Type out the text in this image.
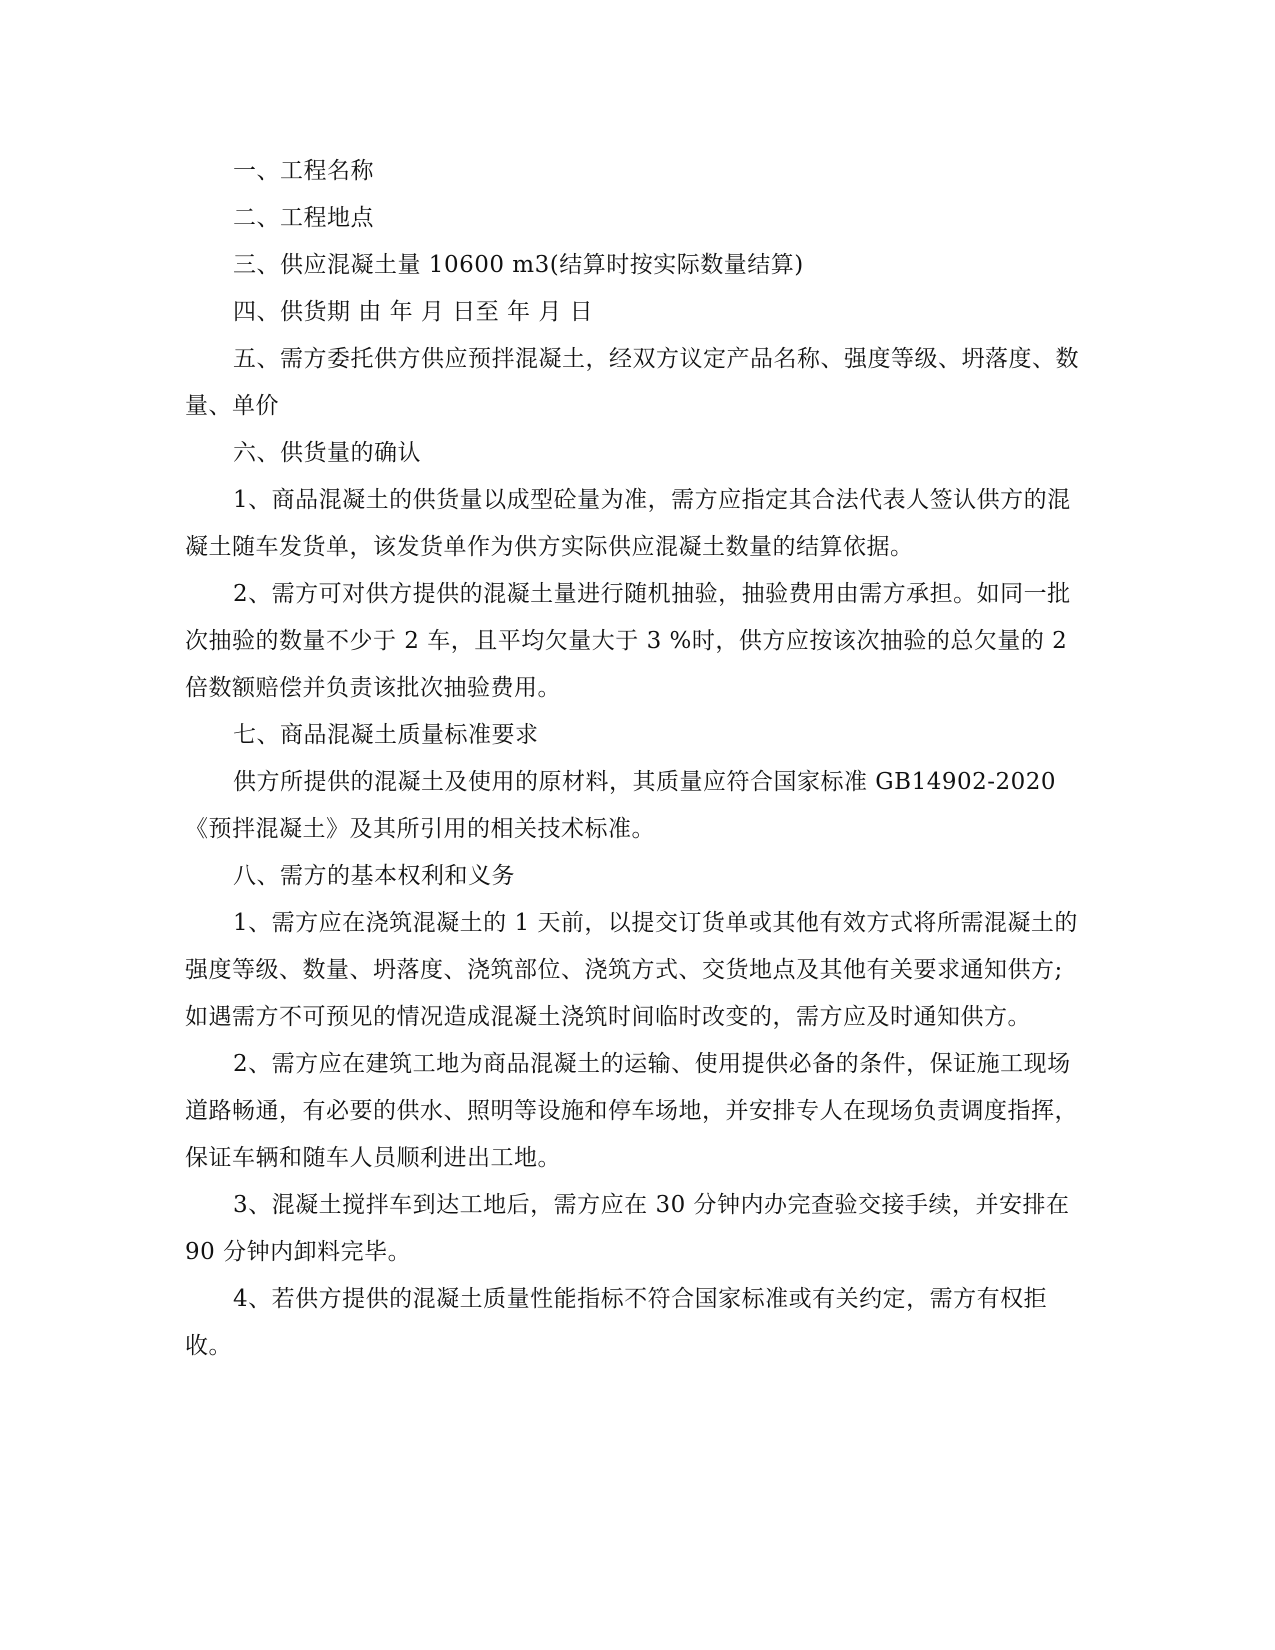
一、工程名称

二、工程地点

三、供应混凝土量 10600 m3(结算时按实际数量结算)

四、供货期 由 年 月 日至 年 月 日

五、需方委托供方供应预拌混凝土，经双方议定产品名称、强度等级、坍落度、数量、单价

六、供货量的确认

1、商品混凝土的供货量以成型砼量为准，需方应指定其合法代表人签认供方的混凝土随车发货单，该发货单作为供方实际供应混凝土数量的结算依据。

2、需方可对供方提供的混凝土量进行随机抽验，抽验费用由需方承担。如同一批次抽验的数量不少于 2 车，且平均欠量大于 3 %时，供方应按该次抽验的总欠量的 2 倍数额赔偿并负责该批次抽验费用。

七、商品混凝土质量标准要求

供方所提供的混凝土及使用的原材料，其质量应符合国家标准 GB14902-2020《预拌混凝土》及其所引用的相关技术标准。

八、需方的基本权利和义务

1、需方应在浇筑混凝土的 1 天前，以提交订货单或其他有效方式将所需混凝土的强度等级、数量、坍落度、浇筑部位、浇筑方式、交货地点及其他有关要求通知供方; 如遇需方不可预见的情况造成混凝土浇筑时间临时改变的，需方应及时通知供方。

2、需方应在建筑工地为商品混凝土的运输、使用提供必备的条件，保证施工现场道路畅通，有必要的供水、照明等设施和停车场地，并安排专人在现场负责调度指挥，保证车辆和随车人员顺利进出工地。

3、混凝土搅拌车到达工地后，需方应在 30 分钟内办完查验交接手续，并安排在 90 分钟内卸料完毕。

4、若供方提供的混凝土质量性能指标不符合国家标准或有关约定，需方有权拒收。
